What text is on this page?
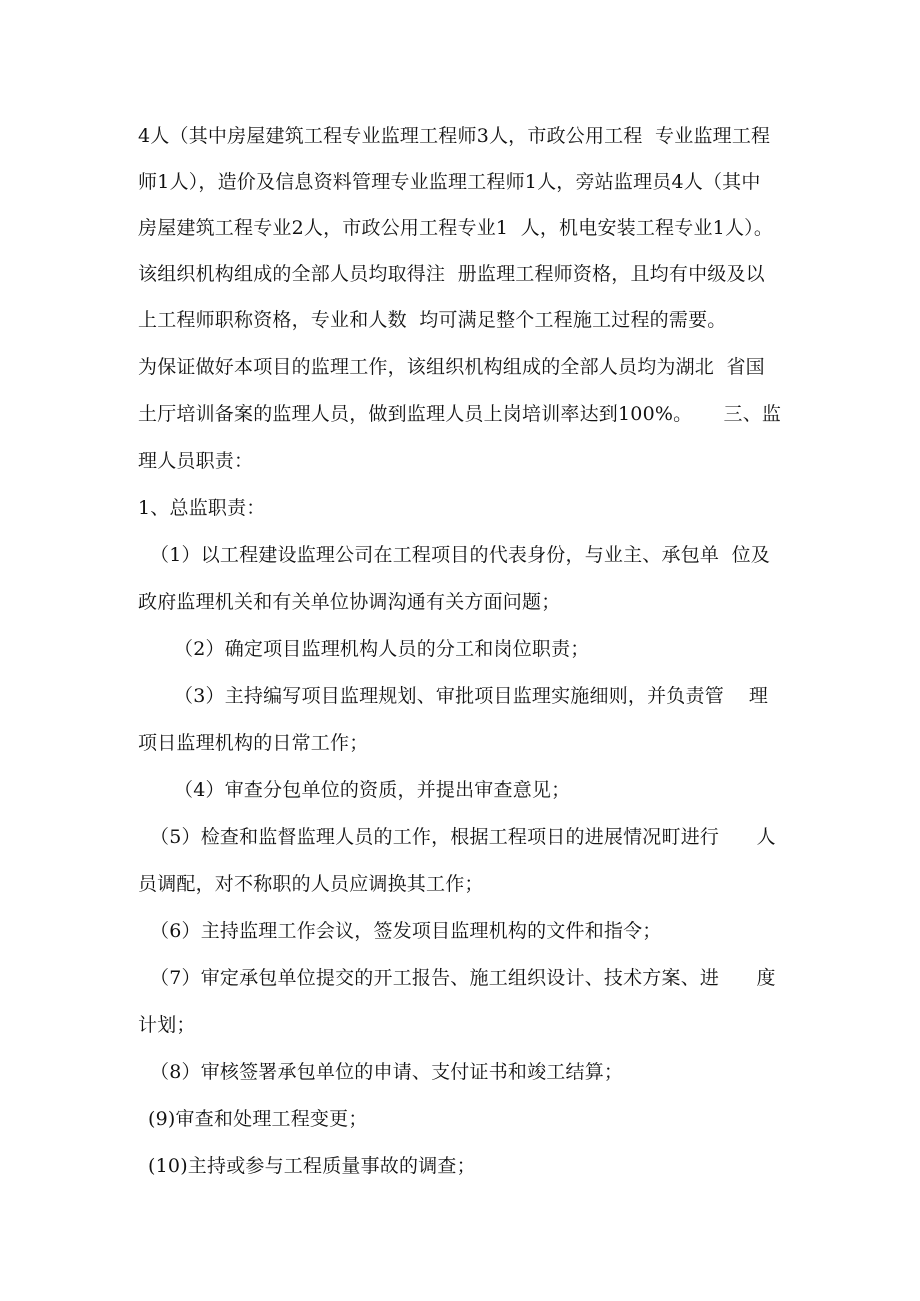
4人（其中房屋建筑工程专业监理工程师3人，市政公用工程  专业监理工程
师1人），造价及信息资料管理专业监理工程师1人，旁站监理员4人（其中
房屋建筑工程专业2人，市政公用工程专业1  人，机电安装工程专业1人）。
该组织机构组成的全部人员均取得注  册监理工程师资格，且均有中级及以
上工程师职称资格，专业和人数  均可满足整个工程施工过程的需要。
为保证做好本项目的监理工作，该组织机构组成的全部人员均为湖北  省国
土厅培训备案的监理人员，做到监理人员上岗培训率达到100%。     三、监
理人员职责：
1、总监职责：
（1）以工程建设监理公司在工程项目的代表身份，与业主、承包单  位及
政府监理机关和有关单位协调沟通有关方面问题；
（2）确定项目监理机构人员的分工和岗位职责；
（3）主持编写项目监理规划、审批项目监理实施细则，并负责管    理
项日监理机构的日常工作；
（4）审查分包单位的资质，并提出审查意见；
（5）检查和监督监理人员的工作，根据工程项日的进展情况町进行      人
员调配，对不称职的人员应调换其工作；
（6）主持监理工作会议，签发项目监理机构的文件和指令；
（7）审定承包单位提交的开工报告、施工组织设计、技术方案、进      度
计划；
（8）审核签署承包单位的申请、支付证书和竣工结算；
(9)审查和处理工程变更；
(10)主持或参与工程质量事故的调查；
